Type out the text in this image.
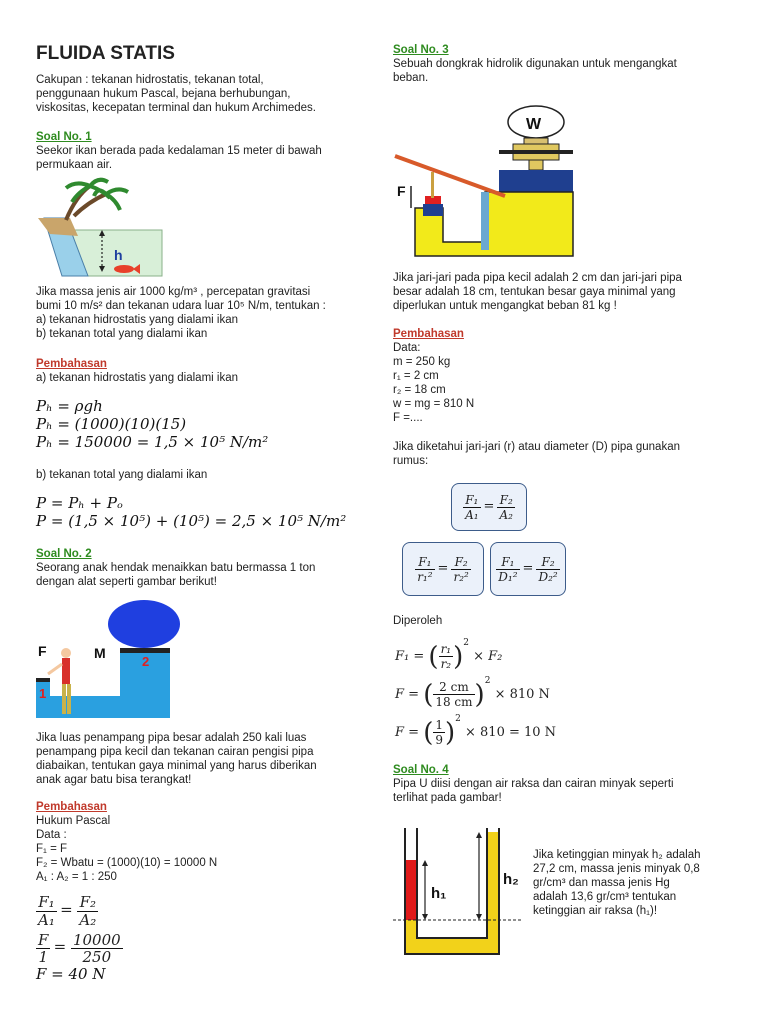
FLUIDA STATIS
Cakupan : tekanan hidrostatis, tekanan total,
penggunaan hukum Pascal, bejana berhubungan,
viskositas, kecepatan terminal dan hukum Archimedes.
Soal No. 1
Seekor ikan berada pada kedalaman 15 meter di bawah
permukaan air.
h
Jika massa jenis air 1000 kg/m³ , percepatan gravitasi
bumi 10 m/s² dan tekanan udara luar 10⁵ N/m, tentukan :
a) tekanan hidrostatis yang dialami ikan
b) tekanan total yang dialami ikan
Pembahasan
a) tekanan hidrostatis yang dialami ikan
Pₕ = ρgh
Pₕ = (1000)(10)(15)
Pₕ = 150000 = 1,5 × 10⁵ N/m²
b) tekanan total yang dialami ikan
P = Pₕ + Pₒ
P = (1,5 × 10⁵) + (10⁵) = 2,5 × 10⁵ N/m²
Soal No. 2
Seorang anak hendak menaikkan batu bermassa 1 ton
dengan alat seperti gambar berikut!
F	M
1
2
Jika luas penampang pipa besar adalah 250 kali luas
penampang pipa kecil dan tekanan cairan pengisi pipa
diabaikan, tentukan gaya minimal yang harus diberikan
anak agar batu bisa terangkat!
Pembahasan
Hukum Pascal
Data :
F₁ = F
F₂ = Wbatu = (1000)(10) = 10000 N
A₁ : A₂ = 1 : 250
$\frac{\text{F₁}}{\text{A₁}} = \frac{\text{F₂}}{\text{A₂}}$
$\frac{F}{1} = \frac{10000}{250}$
F = 40 N
Soal No. 3
Sebuah dongkrak hidrolik digunakan untuk mengangkat
beban.
W
F
Jika jari-jari pada pipa kecil adalah 2 cm dan jari-jari pipa
besar adalah 18 cm, tentukan besar gaya minimal yang
diperlukan untuk mengangkat beban 81 kg !
Pembahasan
Data:
m = 250 kg
r₁ = 2 cm
r₂ = 18 cm
w = mg = 810 N
F =....
Jika diketahui jari-jari (r) atau diameter (D) pipa gunakan
rumus:
$\frac{\text{F₁}}{\text{A₁}} = \frac{\text{F₂}}{\text{A₂}}$
$\frac{\text{F₁}}{\text{r₁²}} = \frac{\text{F₂}}{\text{r₂²}} \frac{\text{F₁}}{\text{D₁²}} = \frac{\text{F₂}}{\text{D₂²}}$
Diperoleh
F₁ =
( $\frac{\text{r₁}}{\text{r₂}}$ ) 2

× F₂
F =
( $\frac{2 cm}{18 cm}$ ) 2

× 810 N
F =
( $\frac{1}{9}$ ) 2

× 810 = 10 N
Soal No. 4
Pipa U diisi dengan air raksa dan cairan minyak seperti
terlihat pada gambar!
h₁
h₂
Jika ketinggian minyak h₂ adalah
27,2 cm, massa jenis minyak 0,8
gr/cm³ dan massa jenis Hg
adalah 13,6 gr/cm³ tentukan
ketinggian air raksa (h₁)!
